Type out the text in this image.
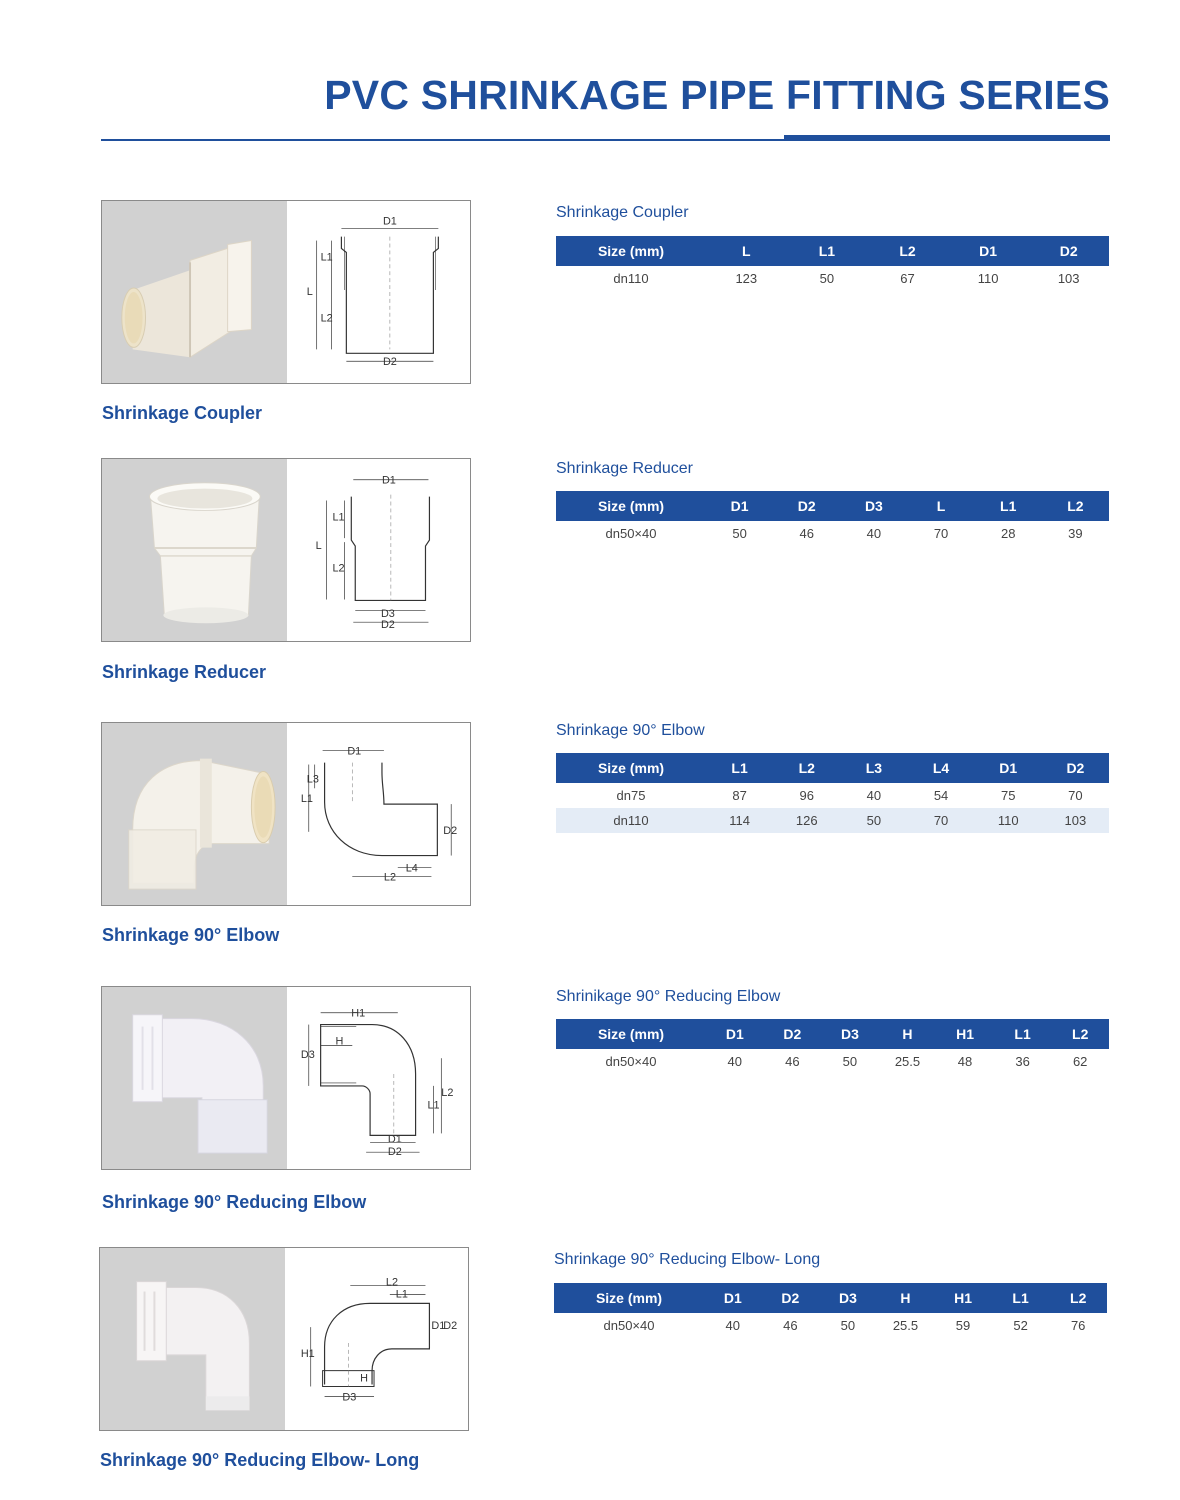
PVC SHRINKAGE PIPE FITTING SERIES
D1
L1
L
L2
D2
Shrinkage Coupler
Shrinkage Coupler
Size (mm)	L	L1	L2	D1	D2
dn110	123	50	67	110	103
D1
L1
L
L2
D3
D2
Shrinkage Reducer
Shrinkage Reducer
Size (mm)	D1	D2	D3	L	L1	L2
dn50×40	50	46	40	70	28	39
D1
L3
L1
D2
L4
L2
Shrinkage 90° Elbow
Shrinkage 90° Elbow
Size (mm)	L1	L2	L3	L4	D1	D2
dn75	87	96	40	54	75	70
dn110	114	126	50	70	110	103
H1
H
D3
L2
L1
D1
D2
Shrinkage 90° Reducing Elbow
Shrinikage 90° Reducing Elbow
Size (mm)	D1	D2	D3	H	H1	L1	L2
dn50×40	40	46	50	25.5	48	36	62
L2
L1
D1
D2
H1
H
D3
Shrinkage 90° Reducing Elbow- Long
Shrinkage 90° Reducing Elbow- Long
Size (mm)	D1	D2	D3	H	H1	L1	L2
dn50×40	40	46	50	25.5	59	52	76
